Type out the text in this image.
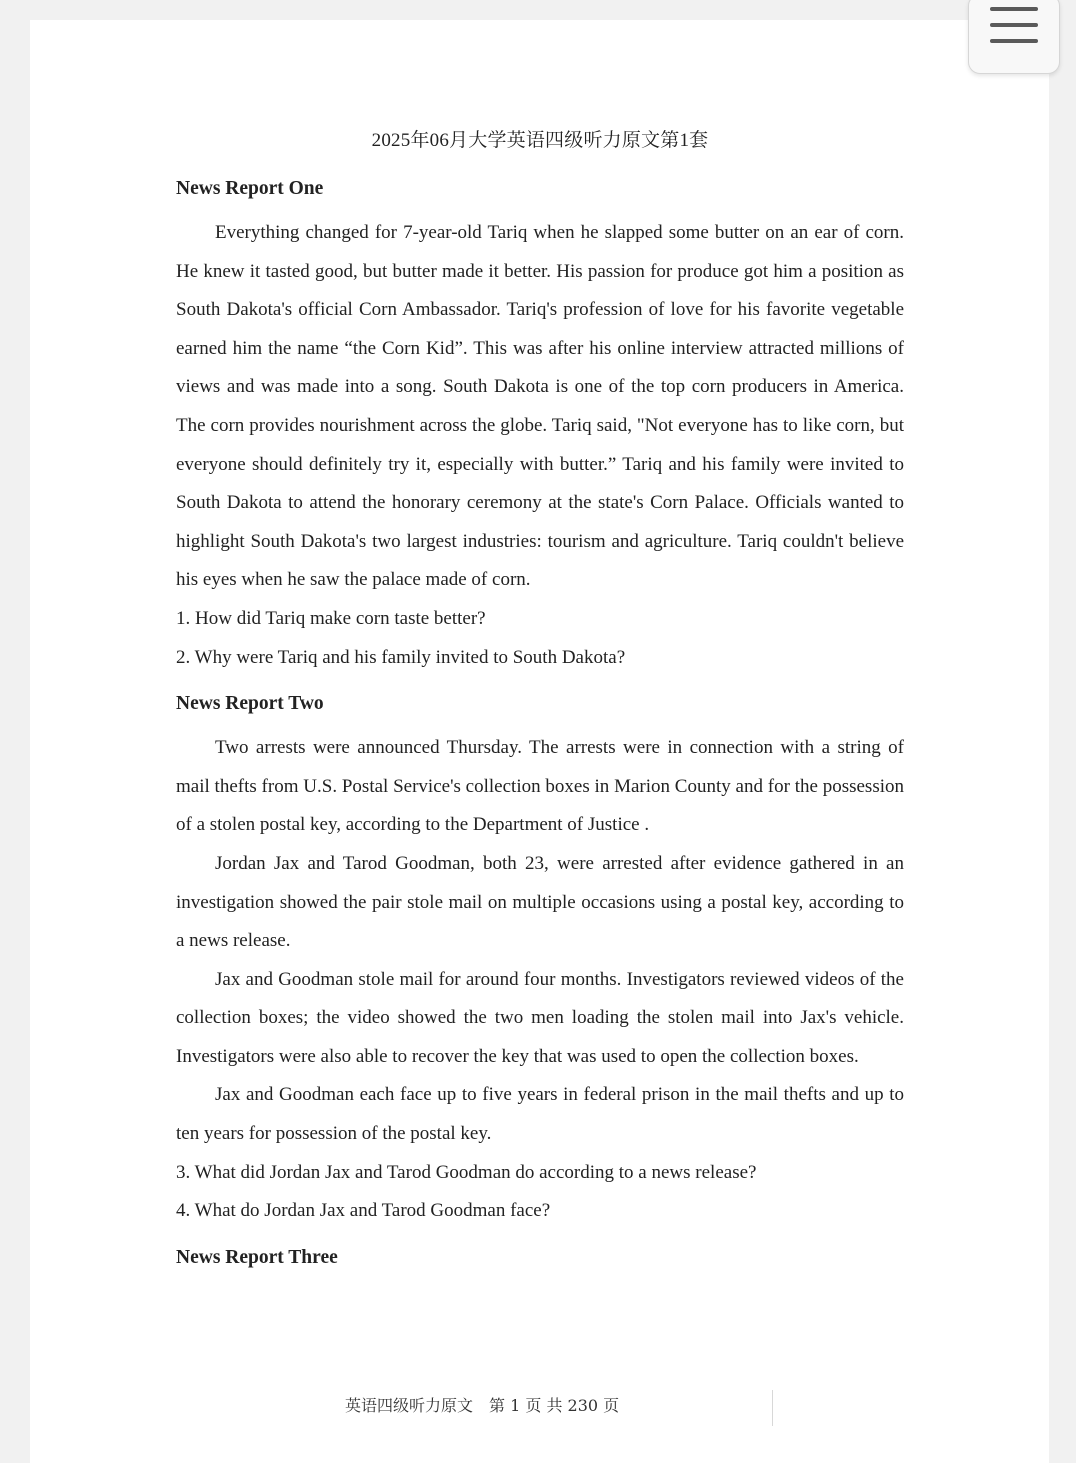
2025年06月大学英语四级听力原文第1套
News Report One

Everything changed for 7-year-old Tariq when he slapped some butter on an ear of corn. He knew it tasted good, but butter made it better. His passion for produce got him a position as South Dakota's official Corn Ambassador. Tariq's profession of love for his favorite vegetable earned him the name “the Corn Kid”. This was after his online interview attracted millions of views and was made into a song. South Dakota is one of the top corn producers in America. The corn provides nourishment across the globe. Tariq said, "Not everyone has to like corn, but everyone should definitely try it, especially with butter.” Tariq and his family were invited to South Dakota to attend the honorary ceremony at the state's Corn Palace. Officials wanted to highlight South Dakota's two largest industries: tourism and agriculture. Tariq couldn't believe his eyes when he saw the palace made of corn.

1. How did Tariq make corn taste better?

2. Why were Tariq and his family invited to South Dakota?

News Report Two

Two arrests were announced Thursday. The arrests were in connection with a string of mail thefts from U.S. Postal Service's collection boxes in Marion County and for the possession of a stolen postal key, according to the Department of Justice .

Jordan Jax and Tarod Goodman, both 23, were arrested after evidence gathered in an investigation showed the pair stole mail on multiple occasions using a postal key, according to a news release.

Jax and Goodman stole mail for around four months. Investigators reviewed videos of the collection boxes; the video showed the two men loading the stolen mail into Jax's vehicle. Investigators were also able to recover the key that was used to open the collection boxes.

Jax and Goodman each face up to five years in federal prison in the mail thefts and up to ten years for possession of the postal key.

3. What did Jordan Jax and Tarod Goodman do according to a news release?

4. What do Jordan Jax and Tarod Goodman face?

News Report Three
英语四级听力原文　第 1 页 共 230 页
